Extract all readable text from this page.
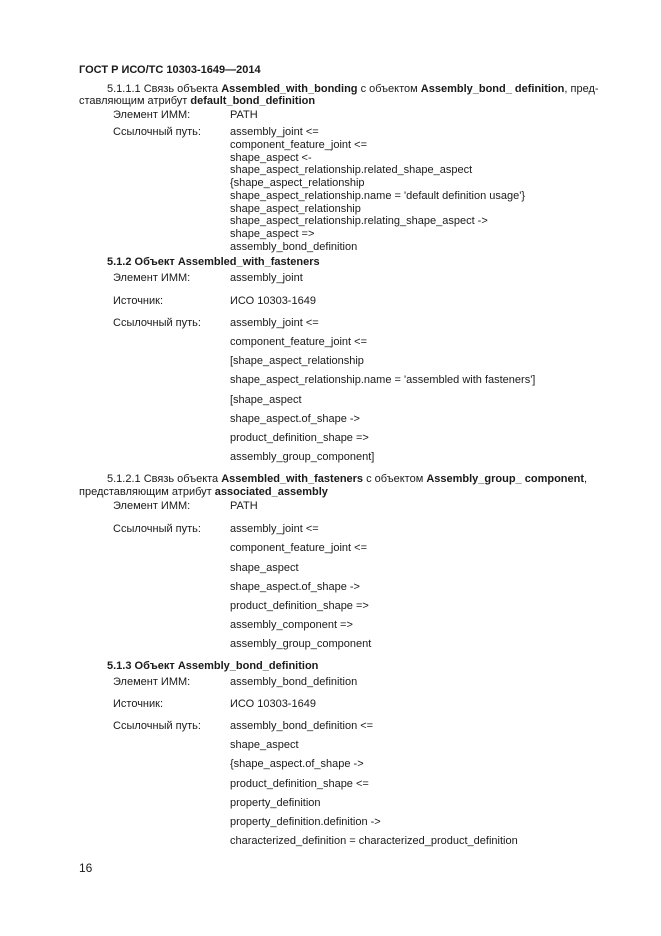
ГОСТ Р ИСО/ТС 10303-1649—2014
5.1.1.1 Связь объекта Assembled_with_bonding с объектом Assembly_bond_ definition, пред-
ставляющим атрибут default_bond_definition
Элемент ИММ:	PATH
Ссылочный путь:	assembly_joint <=
component_feature_joint <=
shape_aspect <-
shape_aspect_relationship.related_shape_aspect
{shape_aspect_relationship
shape_aspect_relationship.name = 'default definition usage'}
shape_aspect_relationship
shape_aspect_relationship.relating_shape_aspect ->
shape_aspect =>
assembly_bond_definition
5.1.2 Объект Assembled_with_fasteners
Элемент ИММ:	assembly_joint
Источник:	ИСО 10303-1649
Ссылочный путь:	assembly_joint <=
component_feature_joint <=
[shape_aspect_relationship
shape_aspect_relationship.name = 'assembled with fasteners']
[shape_aspect
shape_aspect.of_shape ->
product_definition_shape =>
assembly_group_component]
5.1.2.1 Связь объекта Assembled_with_fasteners с объектом Assembly_group_ component,
представляющим атрибут associated_assembly
Элемент ИММ:	PATH
Ссылочный путь:	assembly_joint <=
component_feature_joint <=
shape_aspect
shape_aspect.of_shape ->
product_definition_shape =>
assembly_component =>
assembly_group_component
5.1.3 Объект Assembly_bond_definition
Элемент ИММ:	assembly_bond_definition
Источник:	ИСО 10303-1649
Ссылочный путь:	assembly_bond_definition <=
shape_aspect
{shape_aspect.of_shape ->
product_definition_shape <=
property_definition
property_definition.definition ->
characterized_definition = characterized_product_definition
16
